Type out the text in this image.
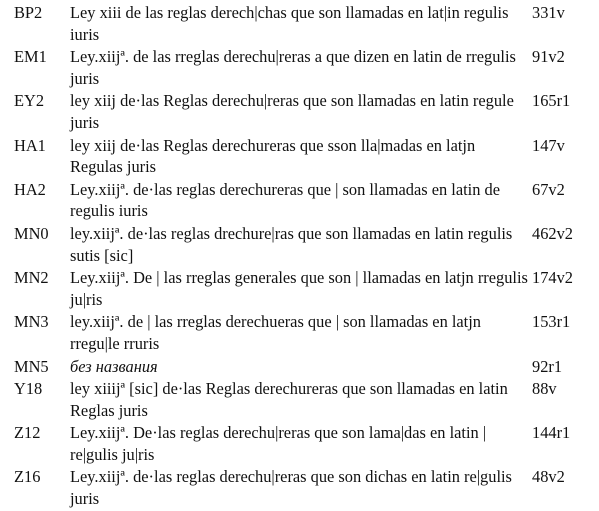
BP2	Ley xiii de las reglas derech|chas que son llamadas en lat|in regulis iuris	331v
EM1	Ley.xiijª. de las rreglas derechu|reras a que dizen en latin de rregulis juris	91v2
EY2	ley xiij de·las Reglas derechu|reras que son llamadas en latin regule juris	165r1
HA1	ley xiij de·las Reglas derechureras que sson lla|madas en latjn Regulas juris	147v
HA2	Ley.xiijª. de·las reglas derechureras que | son llamadas en latin de regulis iuris	67v2
MN0	ley.xiijª. de·las reglas drechure|ras que son llamadas en latin regulis sutis [sic]	462v2
MN2	Ley.xiijª. De | las rreglas generales que son | llamadas en latjn rregulis ju|ris	174v2
MN3	ley.xiijª. de | las rreglas derechueras que | son llamadas en latjn rregu|le rruris	153r1
MN5	без названия	92r1
Y18	ley xiiijª [sic] de·las Reglas derechureras que son llamadas en latin Reglas juris	88v
Z12	Ley.xiijª. De·las reglas derechu|reras que son lama|das en latin | re|gulis ju|ris	144r1
Z16	Ley.xiijª. de·las reglas derechu|reras que son dichas en latin re|gulis juris	48v2
